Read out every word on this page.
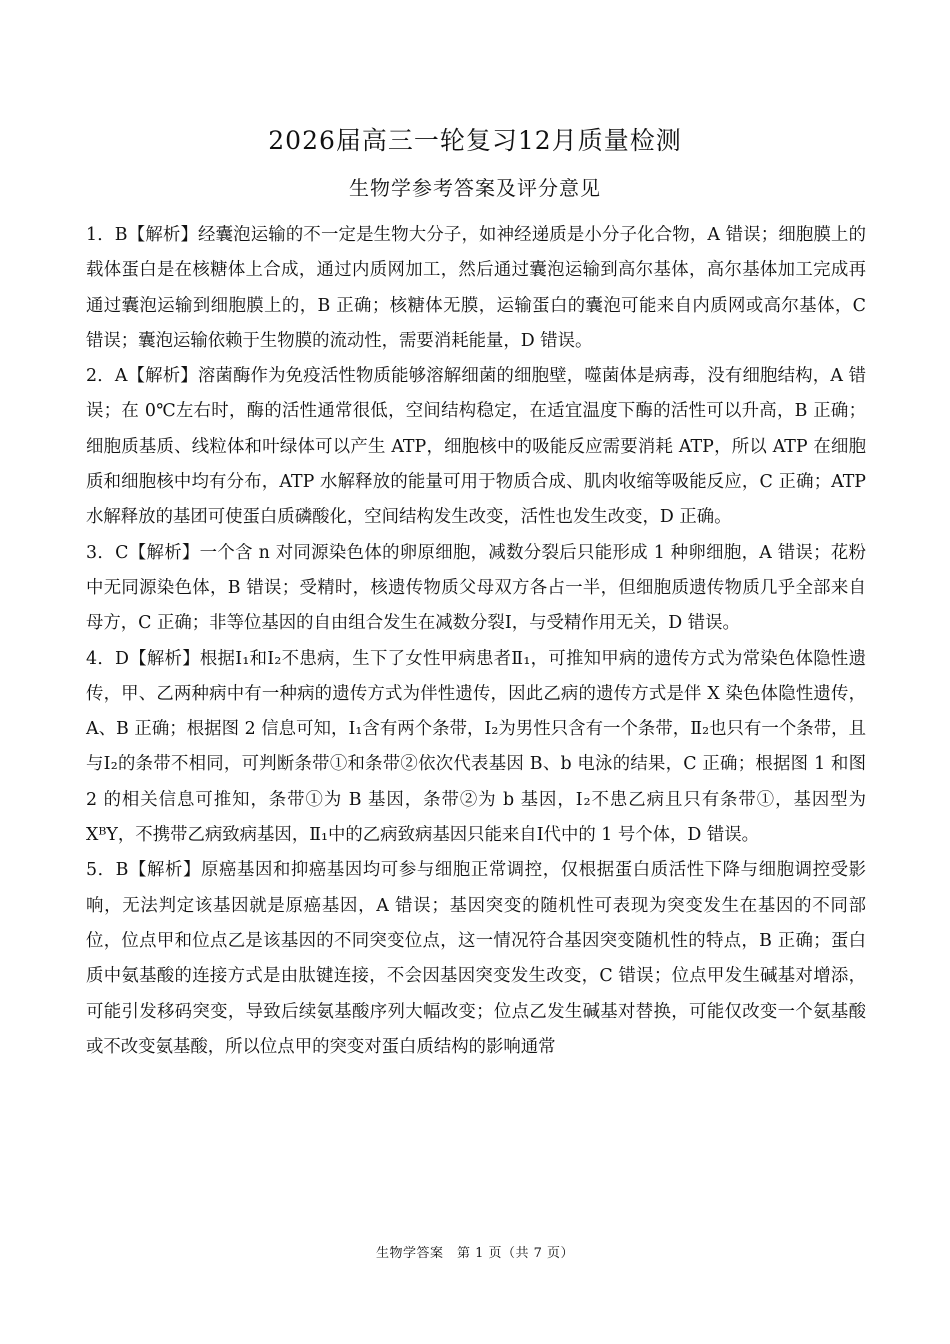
2026届高三一轮复习12月质量检测
生物学参考答案及评分意见

1．B【解析】经囊泡运输的不一定是生物大分子，如神经递质是小分子化合物，A 错误；细胞膜上的载体蛋白是在核糖体上合成，通过内质网加工，然后通过囊泡运输到高尔基体，高尔基体加工完成再通过囊泡运输到细胞膜上的，B 正确；核糖体无膜，运输蛋白的囊泡可能来自内质网或高尔基体，C 错误；囊泡运输依赖于生物膜的流动性，需要消耗能量，D 错误。

2．A【解析】溶菌酶作为免疫活性物质能够溶解细菌的细胞壁，噬菌体是病毒，没有细胞结构，A 错误；在 0℃左右时，酶的活性通常很低，空间结构稳定，在适宜温度下酶的活性可以升高，B 正确；细胞质基质、线粒体和叶绿体可以产生 ATP，细胞核中的吸能反应需要消耗 ATP，所以 ATP 在细胞质和细胞核中均有分布，ATP 水解释放的能量可用于物质合成、肌肉收缩等吸能反应，C 正确；ATP 水解释放的基团可使蛋白质磷酸化，空间结构发生改变，活性也发生改变，D 正确。

3．C【解析】一个含 n 对同源染色体的卵原细胞，减数分裂后只能形成 1 种卵细胞，A 错误；花粉中无同源染色体，B 错误；受精时，核遗传物质父母双方各占一半，但细胞质遗传物质几乎全部来自母方，C 正确；非等位基因的自由组合发生在减数分裂Ⅰ，与受精作用无关，D 错误。

4．D【解析】根据Ⅰ₁和Ⅰ₂不患病，生下了女性甲病患者Ⅱ₁，可推知甲病的遗传方式为常染色体隐性遗传，甲、乙两种病中有一种病的遗传方式为伴性遗传，因此乙病的遗传方式是伴 X 染色体隐性遗传，A、B 正确；根据图 2 信息可知，Ⅰ₁含有两个条带，Ⅰ₂为男性只含有一个条带，Ⅱ₂也只有一个条带，且与Ⅰ₂的条带不相同，可判断条带①和条带②依次代表基因 B、b 电泳的结果，C 正确；根据图 1 和图 2 的相关信息可推知，条带①为 B 基因，条带②为 b 基因，Ⅰ₂不患乙病且只有条带①，基因型为 XᴮY，不携带乙病致病基因，Ⅱ₁中的乙病致病基因只能来自Ⅰ代中的 1 号个体，D 错误。

5．B【解析】原癌基因和抑癌基因均可参与细胞正常调控，仅根据蛋白质活性下降与细胞调控受影响，无法判定该基因就是原癌基因，A 错误；基因突变的随机性可表现为突变发生在基因的不同部位，位点甲和位点乙是该基因的不同突变位点，这一情况符合基因突变随机性的特点，B 正确；蛋白质中氨基酸的连接方式是由肽键连接，不会因基因突变发生改变，C 错误；位点甲发生碱基对增添，可能引发移码突变，导致后续氨基酸序列大幅改变；位点乙发生碱基对替换，可能仅改变一个氨基酸或不改变氨基酸，所以位点甲的突变对蛋白质结构的影响通常

生物学答案　第 1 页（共 7 页）
